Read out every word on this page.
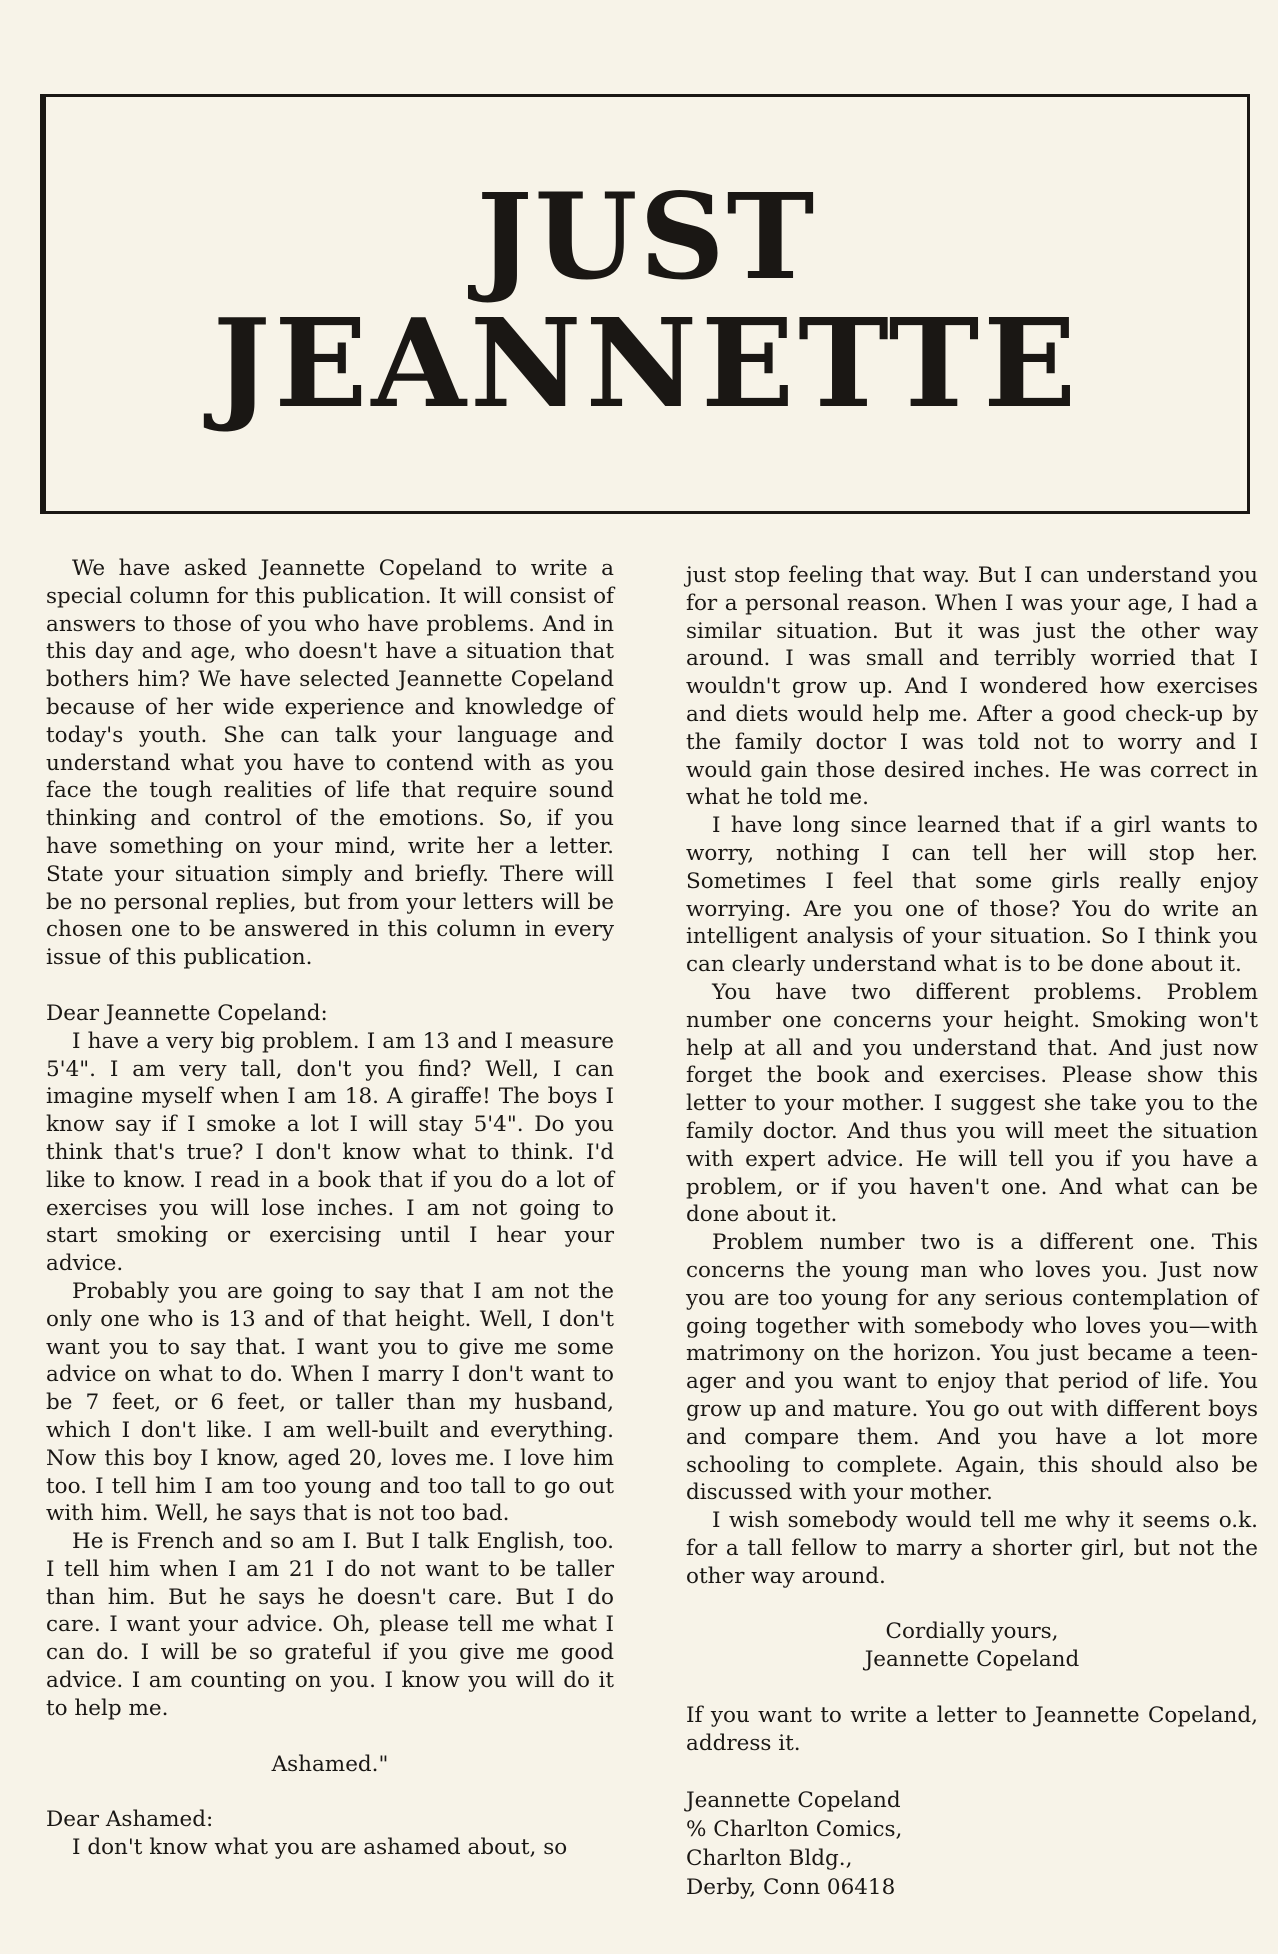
JUST
JEANNETTE

We have asked Jeannette Copeland to write a special column for this publication. It will consist of answers to those of you who have problems. And in this day and age, who doesn't have a situation that bothers him? We have selected Jeannette Copeland because of her wide experience and knowledge of today's youth. She can talk your language and understand what you have to contend with as you face the tough realities of life that require sound thinking and control of the emotions. So, if you have something on your mind, write her a letter. State your situation simply and briefly. There will be no personal replies, but from your letters will be chosen one to be answered in this column in every issue of this publication.

Dear Jeannette Copeland:

I have a very big problem. I am 13 and I measure 5'4". I am very tall, don't you find? Well, I can imagine myself when I am 18. A giraffe! The boys I know say if I smoke a lot I will stay 5'4". Do you think that's true? I don't know what to think. I'd like to know. I read in a book that if you do a lot of exercises you will lose inches. I am not going to start smoking or exercising until I hear your advice.

Probably you are going to say that I am not the only one who is 13 and of that height. Well, I don't want you to say that. I want you to give me some advice on what to do. When I marry I don't want to be 7 feet, or 6 feet, or taller than my husband, which I don't like. I am well-built and everything. Now this boy I know, aged 20, loves me. I love him too. I tell him I am too young and too tall to go out with him. Well, he says that is not too bad.

He is French and so am I. But I talk English, too. I tell him when I am 21 I do not want to be taller than him. But he says he doesn't care. But I do care. I want your advice. Oh, please tell me what I can do. I will be so grateful if you give me good advice. I am counting on you. I know you will do it to help me.

Ashamed."

Dear Ashamed:

I don't know what you are ashamed about, so

just stop feeling that way. But I can understand you for a personal reason. When I was your age, I had a similar situation. But it was just the other way around. I was small and terribly worried that I wouldn't grow up. And I wondered how exercises and diets would help me. After a good check-up by the family doctor I was told not to worry and I would gain those desired inches. He was correct in what he told me.

I have long since learned that if a girl wants to worry, nothing I can tell her will stop her. Sometimes I feel that some girls really enjoy worrying. Are you one of those? You do write an intelligent analysis of your situation. So I think you can clearly understand what is to be done about it.

You have two different problems. Problem number one concerns your height. Smoking won't help at all and you understand that. And just now forget the book and exercises. Please show this letter to your mother. I suggest she take you to the family doctor. And thus you will meet the situation with expert advice. He will tell you if you have a problem, or if you haven't one. And what can be done about it.

Problem number two is a different one. This concerns the young man who loves you. Just now you are too young for any serious contemplation of going together with somebody who loves you—with matrimony on the horizon. You just became a teen-ager and you want to enjoy that period of life. You grow up and mature. You go out with different boys and compare them. And you have a lot more schooling to complete. Again, this should also be discussed with your mother.

I wish somebody would tell me why it seems o.k. for a tall fellow to marry a shorter girl, but not the other way around.

Cordially yours,

Jeannette Copeland

If you want to write a letter to Jeannette Copeland, address it.

Jeannette Copeland
% Charlton Comics,
Charlton Bldg.,
Derby, Conn 06418
